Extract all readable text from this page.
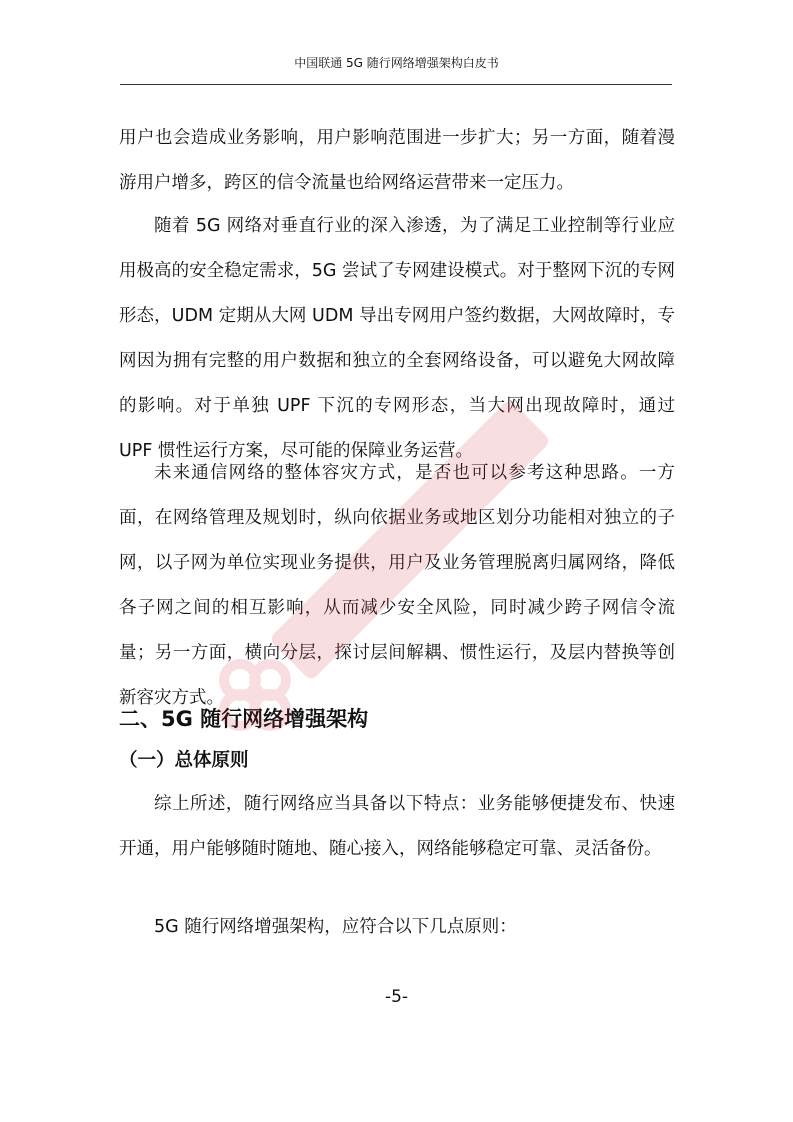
中国联通 5G 随行网络增强架构白皮书

用户也会造成业务影响，用户影响范围进一步扩大；另一方面，随着漫游用户增多，跨区的信令流量也给网络运营带来一定压力。

随着 5G 网络对垂直行业的深入渗透，为了满足工业控制等行业应用极高的安全稳定需求，5G 尝试了专网建设模式。对于整网下沉的专网形态，UDM 定期从大网 UDM 导出专网用户签约数据，大网故障时，专网因为拥有完整的用户数据和独立的全套网络设备，可以避免大网故障的影响。对于单独 UPF 下沉的专网形态，当大网出现故障时，通过 UPF 惯性运行方案，尽可能的保障业务运营。

未来通信网络的整体容灾方式，是否也可以参考这种思路。一方面，在网络管理及规划时，纵向依据业务或地区划分功能相对独立的子网，以子网为单位实现业务提供，用户及业务管理脱离归属网络，降低各子网之间的相互影响，从而减少安全风险，同时减少跨子网信令流量；另一方面，横向分层，探讨层间解耦、惯性运行，及层内替换等创新容灾方式。

二、5G 随行网络增强架构
（一）总体原则

综上所述，随行网络应当具备以下特点：业务能够便捷发布、快速开通，用户能够随时随地、随心接入，网络能够稳定可靠、灵活备份。

5G 随行网络增强架构，应符合以下几点原则：

-5-
